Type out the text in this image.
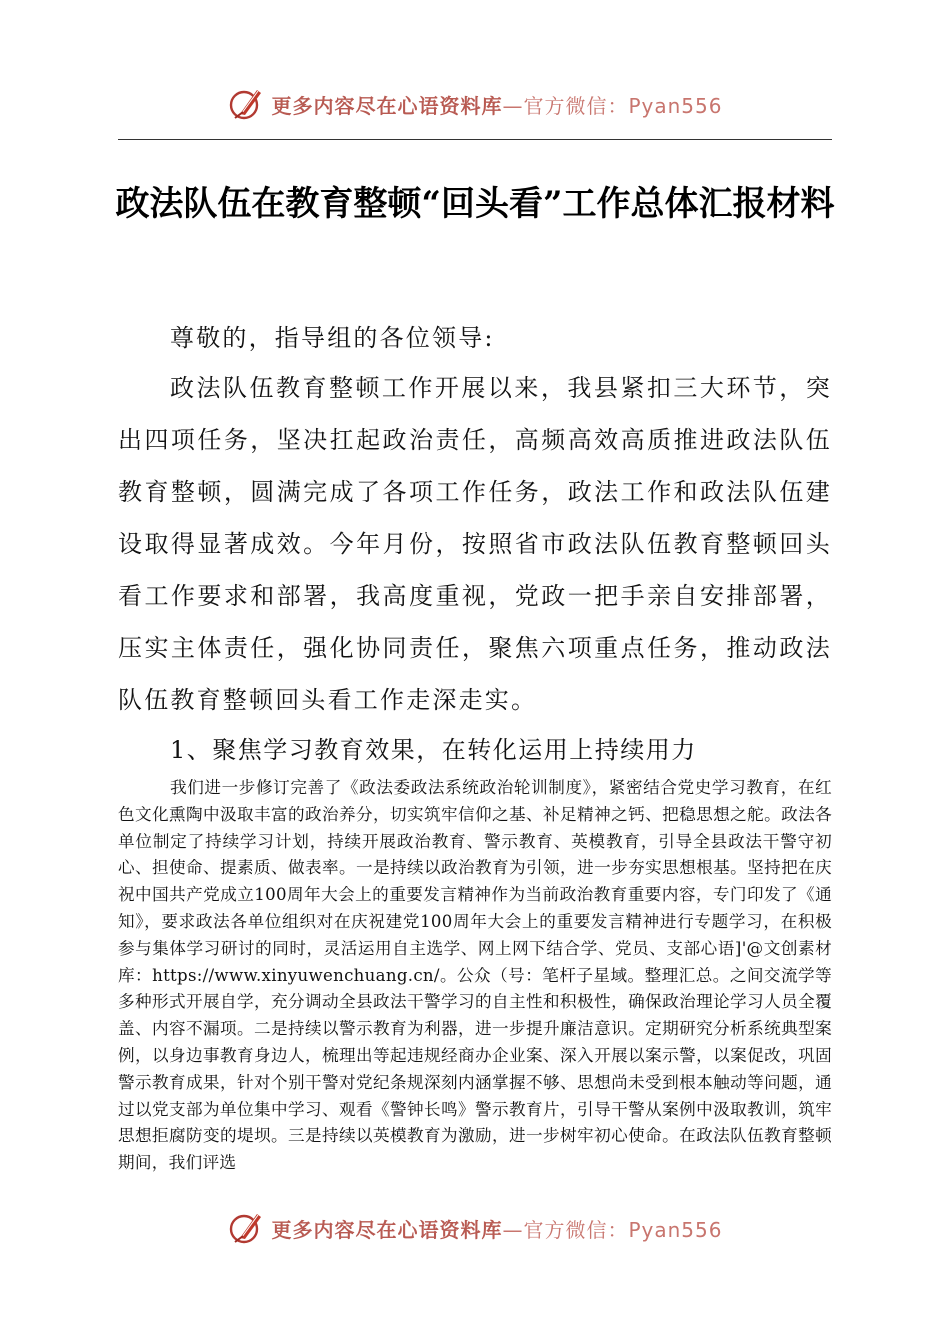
更多内容尽在心语资料库—官方微信：Pyan556
政法队伍在教育整顿“回头看”工作总体汇报材料

尊敬的，指导组的各位领导:

政法队伍教育整顿工作开展以来，我县紧扣三大环节，突出四项任务，坚决扛起政治责任，高频高效高质推进政法队伍教育整顿，圆满完成了各项工作任务，政法工作和政法队伍建设取得显著成效。今年月份，按照省市政法队伍教育整顿回头看工作要求和部署，我高度重视，党政一把手亲自安排部署，压实主体责任，强化协同责任，聚焦六项重点任务，推动政法队伍教育整顿回头看工作走深走实。

1、聚焦学习教育效果，在转化运用上持续用力

我们进一步修订完善了《政法委政法系统政治轮训制度》，紧密结合党史学习教育，在红色文化熏陶中汲取丰富的政治养分，切实筑牢信仰之基、补足精神之钙、把稳思想之舵。政法各单位制定了持续学习计划，持续开展政治教育、警示教育、英模教育，引导全县政法干警守初心、担使命、提素质、做表率。一是持续以政治教育为引领，进一步夯实思想根基。坚持把在庆祝中国共产党成立100周年大会上的重要发言精神作为当前政治教育重要内容，专门印发了《通知》，要求政法各单位组织对在庆祝建党100周年大会上的重要发言精神进行专题学习，在积极参与集体学习研讨的同时，灵活运用自主选学、网上网下结合学、党员、支部心语]'@文创素材库：https://www.xinyuwenchuang.cn/。公众（号：笔杆子星域。整理汇总。之间交流学等多种形式开展自学，充分调动全县政法干警学习的自主性和积极性，确保政治理论学习人员全覆盖、内容不漏项。二是持续以警示教育为利器，进一步提升廉洁意识。定期研究分析系统典型案例，以身边事教育身边人，梳理出等起违规经商办企业案、深入开展以案示警，以案促改，巩固警示教育成果，针对个别干警对党纪条规深刻内涵掌握不够、思想尚未受到根本触动等问题，通过以党支部为单位集中学习、观看《警钟长鸣》警示教育片，引导干警从案例中汲取教训，筑牢思想拒腐防变的堤坝。三是持续以英模教育为激励，进一步树牢初心使命。在政法队伍教育整顿期间，我们评选

更多内容尽在心语资料库—官方微信：Pyan556
